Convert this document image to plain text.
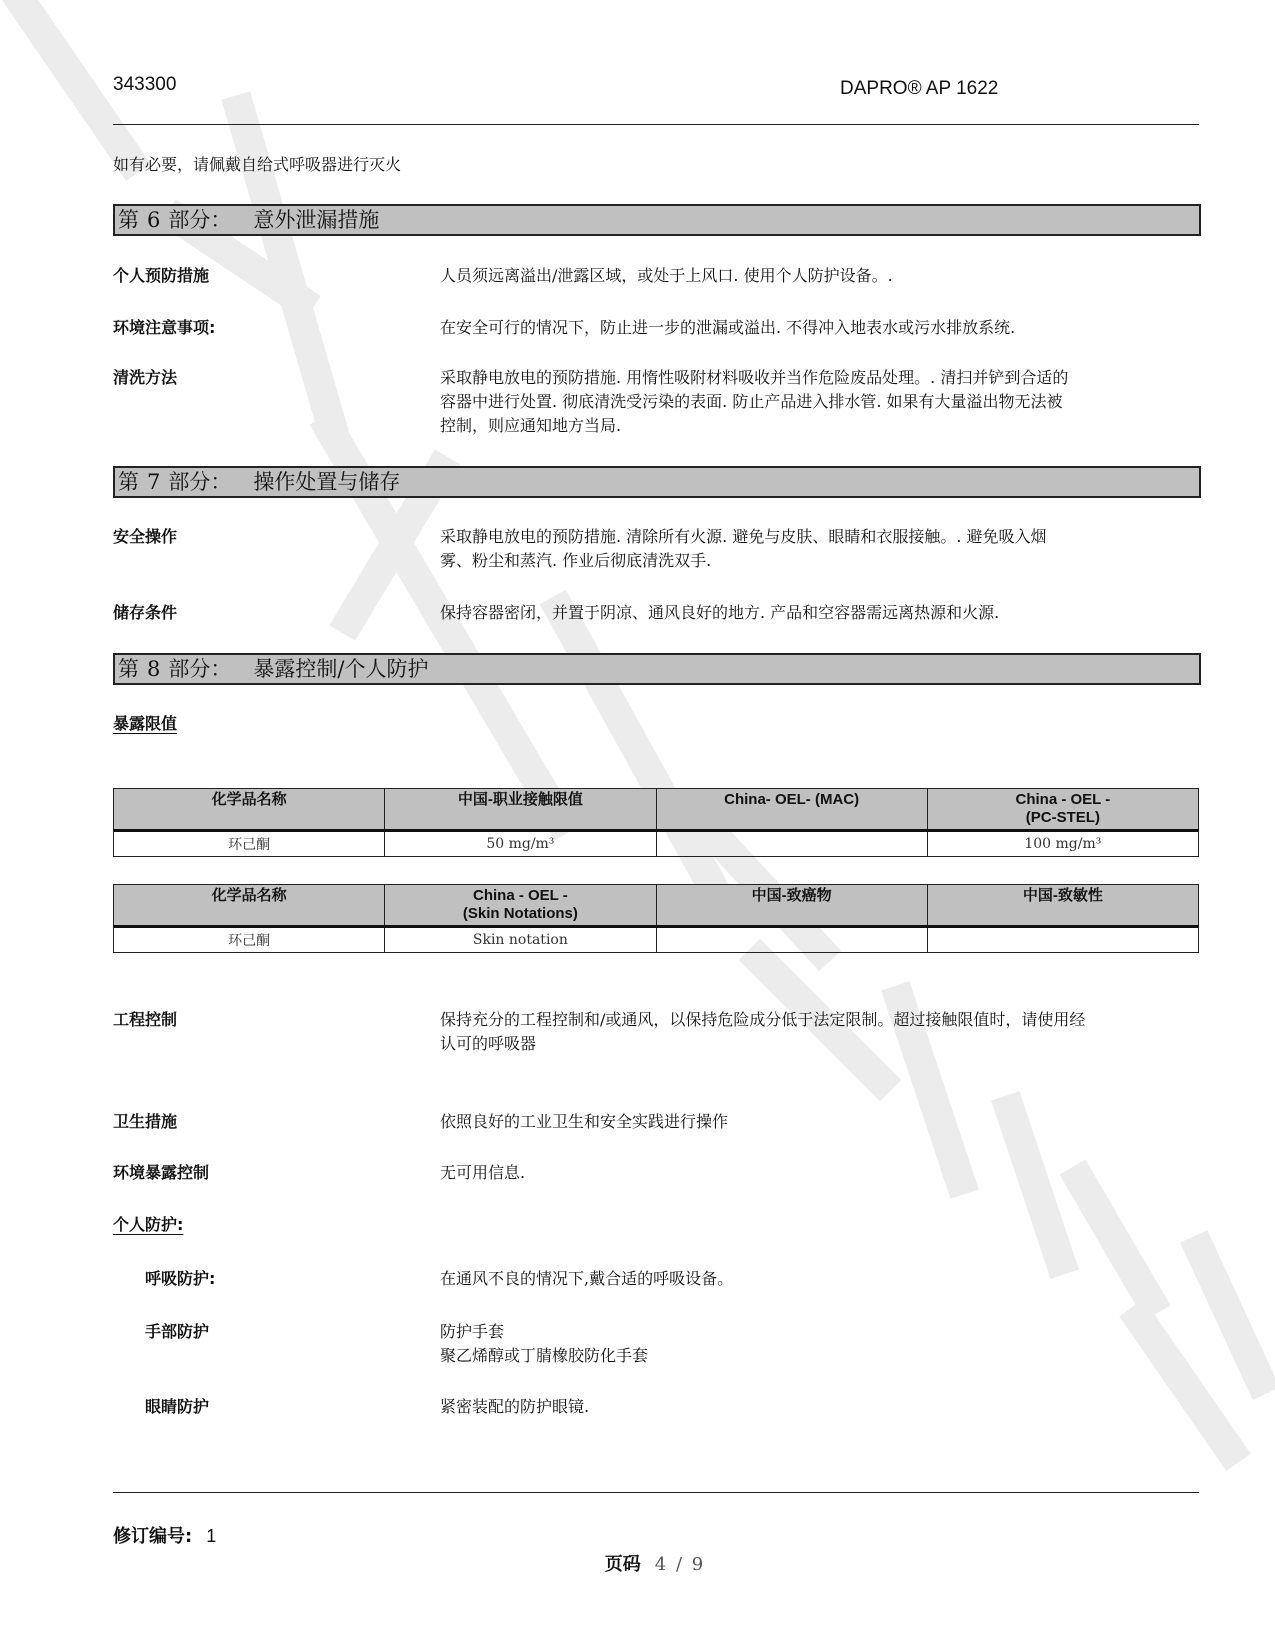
343300	DAPRO® AP 1622
如有必要，请佩戴自给式呼吸器进行灭火
第 6 部分： 意外泄漏措施
个人预防措施	人员须远离溢出/泄露区域，或处于上风口. 使用个人防护设备。.
环境注意事项:	在安全可行的情况下，防止进一步的泄漏或溢出. 不得冲入地表水或污水排放系统.
清洗方法	采取静电放电的预防措施. 用惰性吸附材料吸收并当作危险废品处理。. 清扫并铲到合适的
容器中进行处置. 彻底清洗受污染的表面. 防止产品进入排水管. 如果有大量溢出物无法被
控制，则应通知地方当局.
第 7 部分： 操作处置与储存
安全操作	采取静电放电的预防措施. 清除所有火源. 避免与皮肤、眼睛和衣服接触。. 避免吸入烟
雾、粉尘和蒸汽. 作业后彻底清洗双手.
储存条件	保持容器密闭，并置于阴凉、通风良好的地方. 产品和空容器需远离热源和火源.
第 8 部分： 暴露控制/个人防护
暴露限值
化学品名称	中国-职业接触限值	China- OEL- (MAC)	China - OEL -
(PC-STEL)

环己酮	50 mg/m³		100 mg/m³
化学品名称	China - OEL -
(Skin Notations)	中国-致癌物	中国-致敏性

环己酮	Skin notation		
工程控制	保持充分的工程控制和/或通风，以保持危险成分低于法定限制。超过接触限值时，请使用经
认可的呼吸器
卫生措施	依照良好的工业卫生和安全实践进行操作
环境暴露控制	无可用信息.
个人防护:
呼吸防护:	在通风不良的情况下,戴合适的呼吸设备。
手部防护	防护手套
聚乙烯醇或丁腈橡胶防化手套
眼睛防护	紧密装配的防护眼镜.
修订编号: 1
页码 4 / 9
